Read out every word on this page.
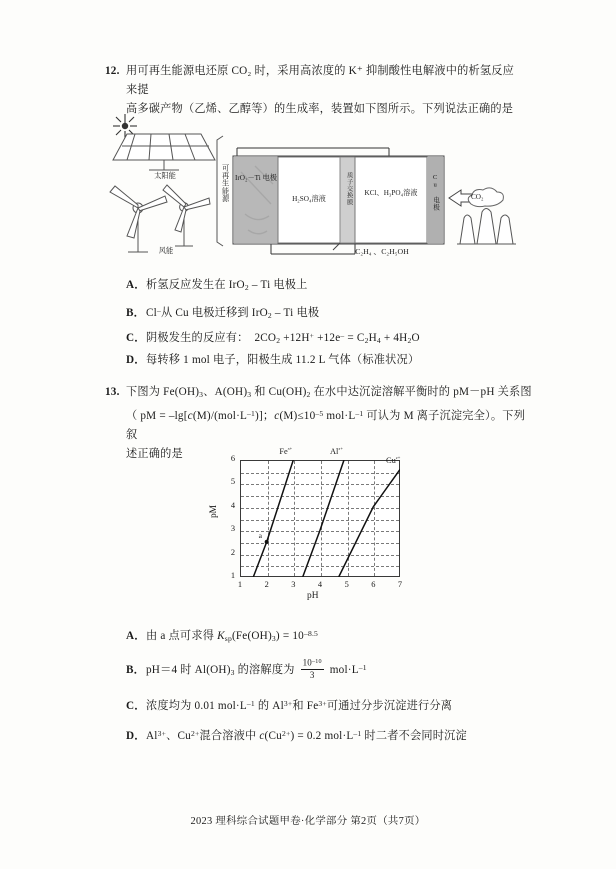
12. 用可再生能源电还原 CO₂ 时，采用高浓度的 K⁺ 抑制酸性电解液中的析氢反应来提
高多碳产物（乙烯、乙醇等）的生成率，装置如下图所示。下列说法正确的是
太阳能
风能
可再生能源 IrO₂－Ti 电极
H₂SO₄溶液	质子交换膜	KCl、H₃PO₄溶液	Cu 电极	CO₂
C₂H₄ 、C₂H₅OH
A．析氢反应发生在 IrO$_2$ – Ti 电极上
B．Cl–从 Cu 电极迁移到 IrO$_2$ – Ti 电极
C．阴极发生的反应有：  $2CO_2 +12H^+ +12e^- = C_2H_4 + 4H_2O$
D．每转移 1 mol 电子，阳极生成 11.2 L 气体（标准状况）
13. 下图为 $Fe(OH)_3$、$A(OH)_3$ 和 $Cu(OH)_2$ 在水中达沉淀溶解平衡时的 pM－pH 关系图
（ pM = $-\lg[c(M)/(mol\cdot L^{-1})]$；$c(M)\le 10^{-5}$ $mol\cdot L^{-1}$ 可认为 M 离子沉淀完全）。下列叙
述正确的是
pM
pH
1
2
3
4
5
6
1	2	3	4	5	6	7
$Fe^{^{3+}}$	$Al^{^{3+}}$
$Cu^{^{2+}}$
a
A．由 a 点可求得 $K_{sp}(Fe(OH)_3) = 10^{-8.5}$
B．pH＝4 时 $Al(OH)_3$ 的溶解度为 $\frac{10^{-10}}{3} mol\cdot L^{-1}$
C．浓度均为 0.01 $mol\cdot L^{-1}$ 的 $Al^{3+}$和 $Fe^{3+}$可通过分步沉淀进行分离
D．$Al^{3+}$、$Cu^{2+}$混合溶液中 $c(Cu^{2+}) = 0.2$ $mol\cdot L^{-1}$ 时二者不会同时沉淀
2023 理科综合试题甲卷·化学部分 第2页（共7页）
